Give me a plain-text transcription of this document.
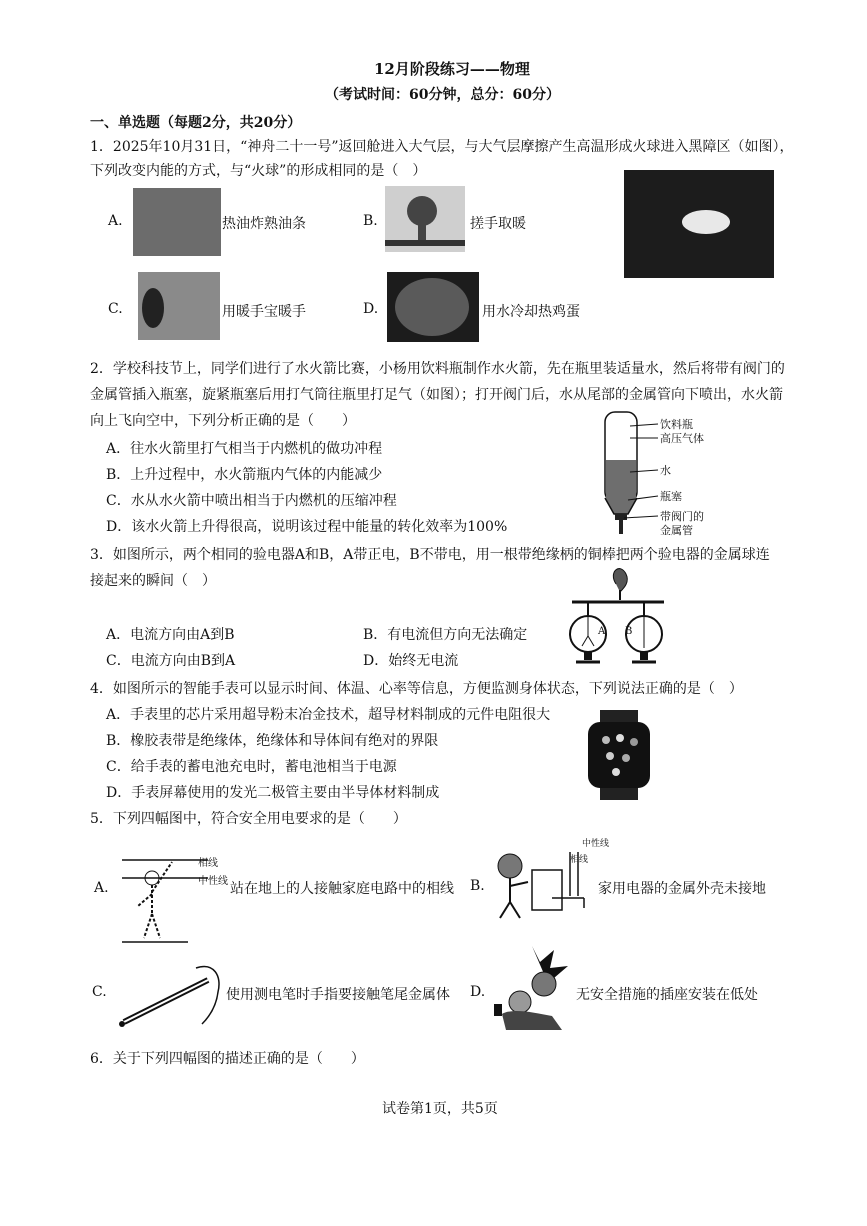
12月阶段练习——物理
（考试时间：60分钟，总分：60分）
一、单选题（每题2分，共20分）
1．2025年10月31日，“神舟二十一号”返回舱进入大气层，与大气层摩擦产生高温形成火球进入黑障区（如图），
下列改变内能的方式，与“火球”的形成相同的是（　）
A.	热油炸熟油条	B.	搓手取暖
C.	用暖手宝暖手	D.	用水冷却热鸡蛋
2．学校科技节上，同学们进行了水火箭比赛，小杨用饮料瓶制作水火箭，先在瓶里装适量水，然后将带有阀门的
金属管插入瓶塞，旋紧瓶塞后用打气筒往瓶里打足气（如图）；打开阀门后，水从尾部的金属管向下喷出，水火箭
向上飞向空中，下列分析正确的是（　　）
A．往水火箭里打气相当于内燃机的做功冲程
B．上升过程中，水火箭瓶内气体的内能减少
C．水从水火箭中喷出相当于内燃机的压缩冲程
D．该水火箭上升得很高，说明该过程中能量的转化效率为100%
饮料瓶
高压气体
水
瓶塞
带阀门的
金属管
3．如图所示，两个相同的验电器A和B，A带正电，B不带电，用一根带绝缘柄的铜棒把两个验电器的金属球连
接起来的瞬间（　）
A．电流方向由A到B	B．有电流但方向无法确定
C．电流方向由B到A	D．始终无电流
A B
4．如图所示的智能手表可以显示时间、体温、心率等信息，方便监测身体状态，下列说法正确的是（　）
A．手表里的芯片采用超导粉末冶金技术，超导材料制成的元件电阻很大
B．橡胶表带是绝缘体，绝缘体和导体间有绝对的界限
C．给手表的蓄电池充电时，蓄电池相当于电源
D．手表屏幕使用的发光二极管主要由半导体材料制成
5．下列四幅图中，符合安全用电要求的是（　　）
A.
相线
中性线 站在地上的人接触家庭电路中的相线 B.
中性线
相线
家用电器的金属外壳未接地
C.	使用测电笔时手指要接触笔尾金属体 D.	无安全措施的插座安装在低处
6．关于下列四幅图的描述正确的是（　　）
试卷第1页，共5页
